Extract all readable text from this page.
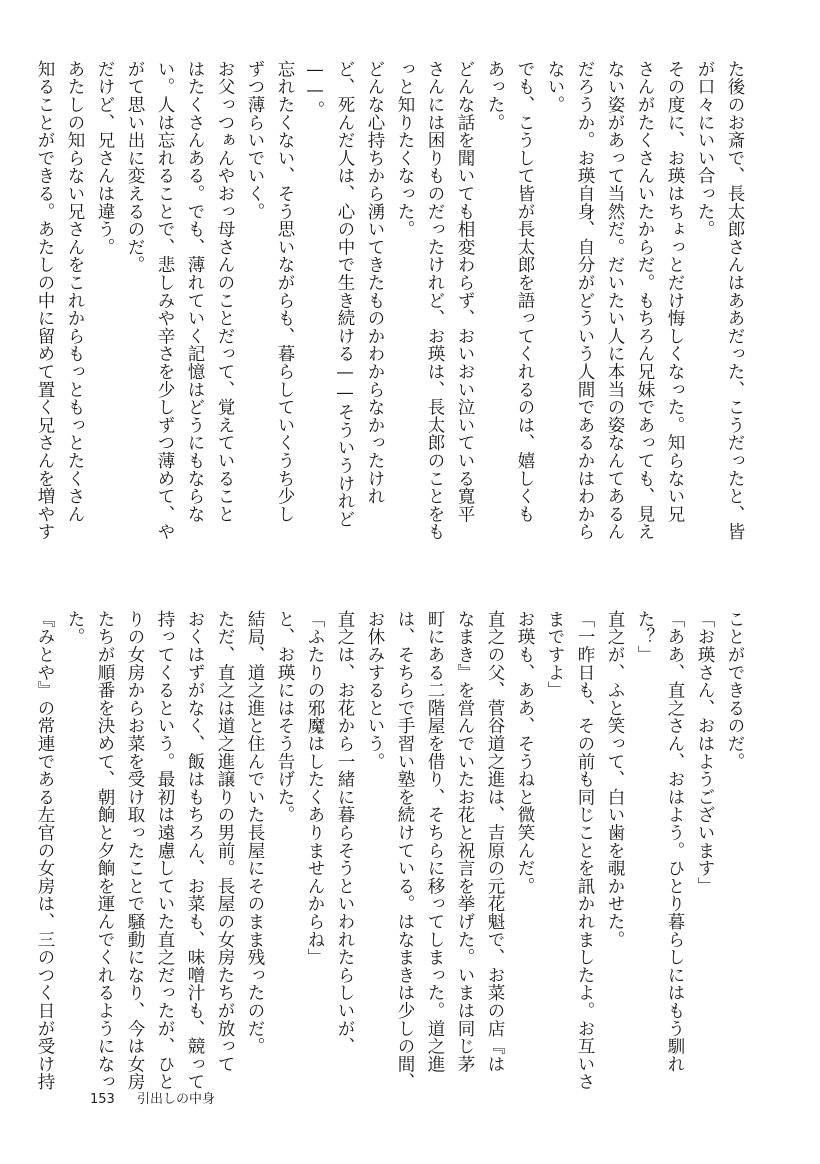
た後のお斎で、長太郎さんはああだった、こうだったと、皆
が口々にいい合った。
その度に、お瑛はちょっとだけ悔しくなった。知らない兄
さんがたくさんいたからだ。もちろん兄妹であっても、見え
ない姿があって当然だ。だいたい人に本当の姿なんてあるん
だろうか。お瑛自身、自分がどういう人間であるかはわから
ない。
でも、こうして皆が長太郎を語ってくれるのは、嬉しくも
あった。
どんな話を聞いても相変わらず、おいおい泣いている寛平
さんには困りものだったけれど、お瑛は、長太郎のことをも
っと知りたくなった。
どんな心持ちから湧いてきたものかわからなかったけれ
ど、死んだ人は、心の中で生き続ける——そういうけれど
——。
忘れたくない、そう思いながらも、暮らしていくうち少し
ずつ薄らいでいく。
お父っつぁんやおっ母さんのことだって、覚えていること
はたくさんある。でも、薄れていく記憶はどうにもならな
い。人は忘れることで、悲しみや辛さを少しずつ薄めて、や
がて思い出に変えるのだ。
だけど、兄さんは違う。
あたしの知らない兄さんをこれからもっともっとたくさん
知ることができる。あたしの中に留めて置く兄さんを増やす
ことができるのだ。
「お瑛さん、おはようございます」
「ああ、直之さん、おはよう。ひとり暮らしにはもう馴れ
た？」
直之が、ふと笑って、白い歯を覗かせた。
「一昨日も、その前も同じことを訊かれましたよ。お互いさ
まですよ」
お瑛も、ああ、そうねと微笑んだ。
直之の父、菅谷道之進は、吉原の元花魁で、お菜の店『は
なまき』を営んでいたお花と祝言を挙げた。いまは同じ茅
町にある二階屋を借り、そちらに移ってしまった。道之進
は、そちらで手習い塾を続けている。はなまきは少しの間、
お休みするという。
直之は、お花から一緒に暮らそうといわれたらしいが、
「ふたりの邪魔はしたくありませんからね」
と、お瑛にはそう告げた。
結局、道之進と住んでいた長屋にそのまま残ったのだ。
ただ、直之は道之進譲りの男前。長屋の女房たちが放って
おくはずがなく、飯はもちろん、お菜も、味噌汁も、競って
持ってくるという。最初は遠慮していた直之だったが、ひと
りの女房からお菜を受け取ったことで騒動になり、今は女房
たちが順番を決めて、朝餉と夕餉を運んでくれるようになっ
た。
『みとや』の常連である左官の女房は、三のつく日が受け持
153 引出しの中身
